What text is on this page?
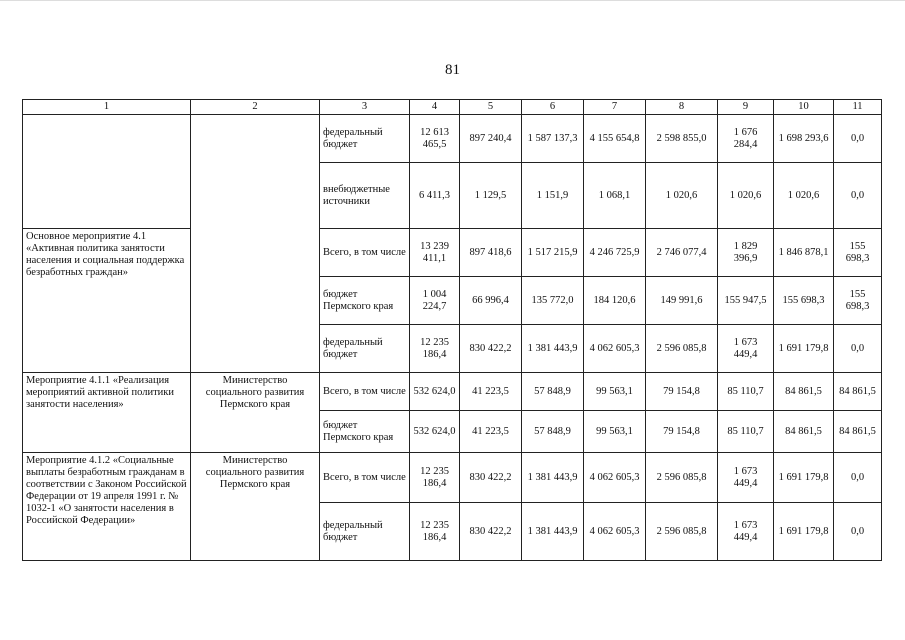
81
1	2	3	4	5	6	7	8	9	10	11
		федеральный бюджет	12 613 465,5	897 240,4	1 587 137,3	4 155 654,8	2 598 855,0	1 676 284,4	1 698 293,6	0,0
		внебюджетные источники	6 411,3	1 129,5	1 151,9	1 068,1	1 020,6	1 020,6	1 020,6	0,0
Основное мероприятие 4.1 «Активная политика занятости населения и социальная поддержка безработных граждан»		Всего, в том числе	13 239 411,1	897 418,6	1 517 215,9	4 246 725,9	2 746 077,4	1 829 396,9	1 846 878,1	155 698,3
		бюджет Пермского края	1 004 224,7	66 996,4	135 772,0	184 120,6	149 991,6	155 947,5	155 698,3	155 698,3
		федеральный бюджет	12 235 186,4	830 422,2	1 381 443,9	4 062 605,3	2 596 085,8	1 673 449,4	1 691 179,8	0,0
Мероприятие 4.1.1 «Реализация мероприятий активной политики занятости населения»	Министерство социального развития Пермского края	Всего, в том числе	532 624,0	41 223,5	57 848,9	99 563,1	79 154,8	85 110,7	84 861,5	84 861,5
		бюджет Пермского края	532 624,0	41 223,5	57 848,9	99 563,1	79 154,8	85 110,7	84 861,5	84 861,5
Мероприятие 4.1.2 «Социальные выплаты безработным гражданам в соответствии с Законом Российской Федерации от 19 апреля 1991 г. № 1032-1 «О занятости населения в Российской Федерации»	Министерство социального развития Пермского края	Всего, в том числе	12 235 186,4	830 422,2	1 381 443,9	4 062 605,3	2 596 085,8	1 673 449,4	1 691 179,8	0,0
		федеральный бюджет	12 235 186,4	830 422,2	1 381 443,9	4 062 605,3	2 596 085,8	1 673 449,4	1 691 179,8	0,0
